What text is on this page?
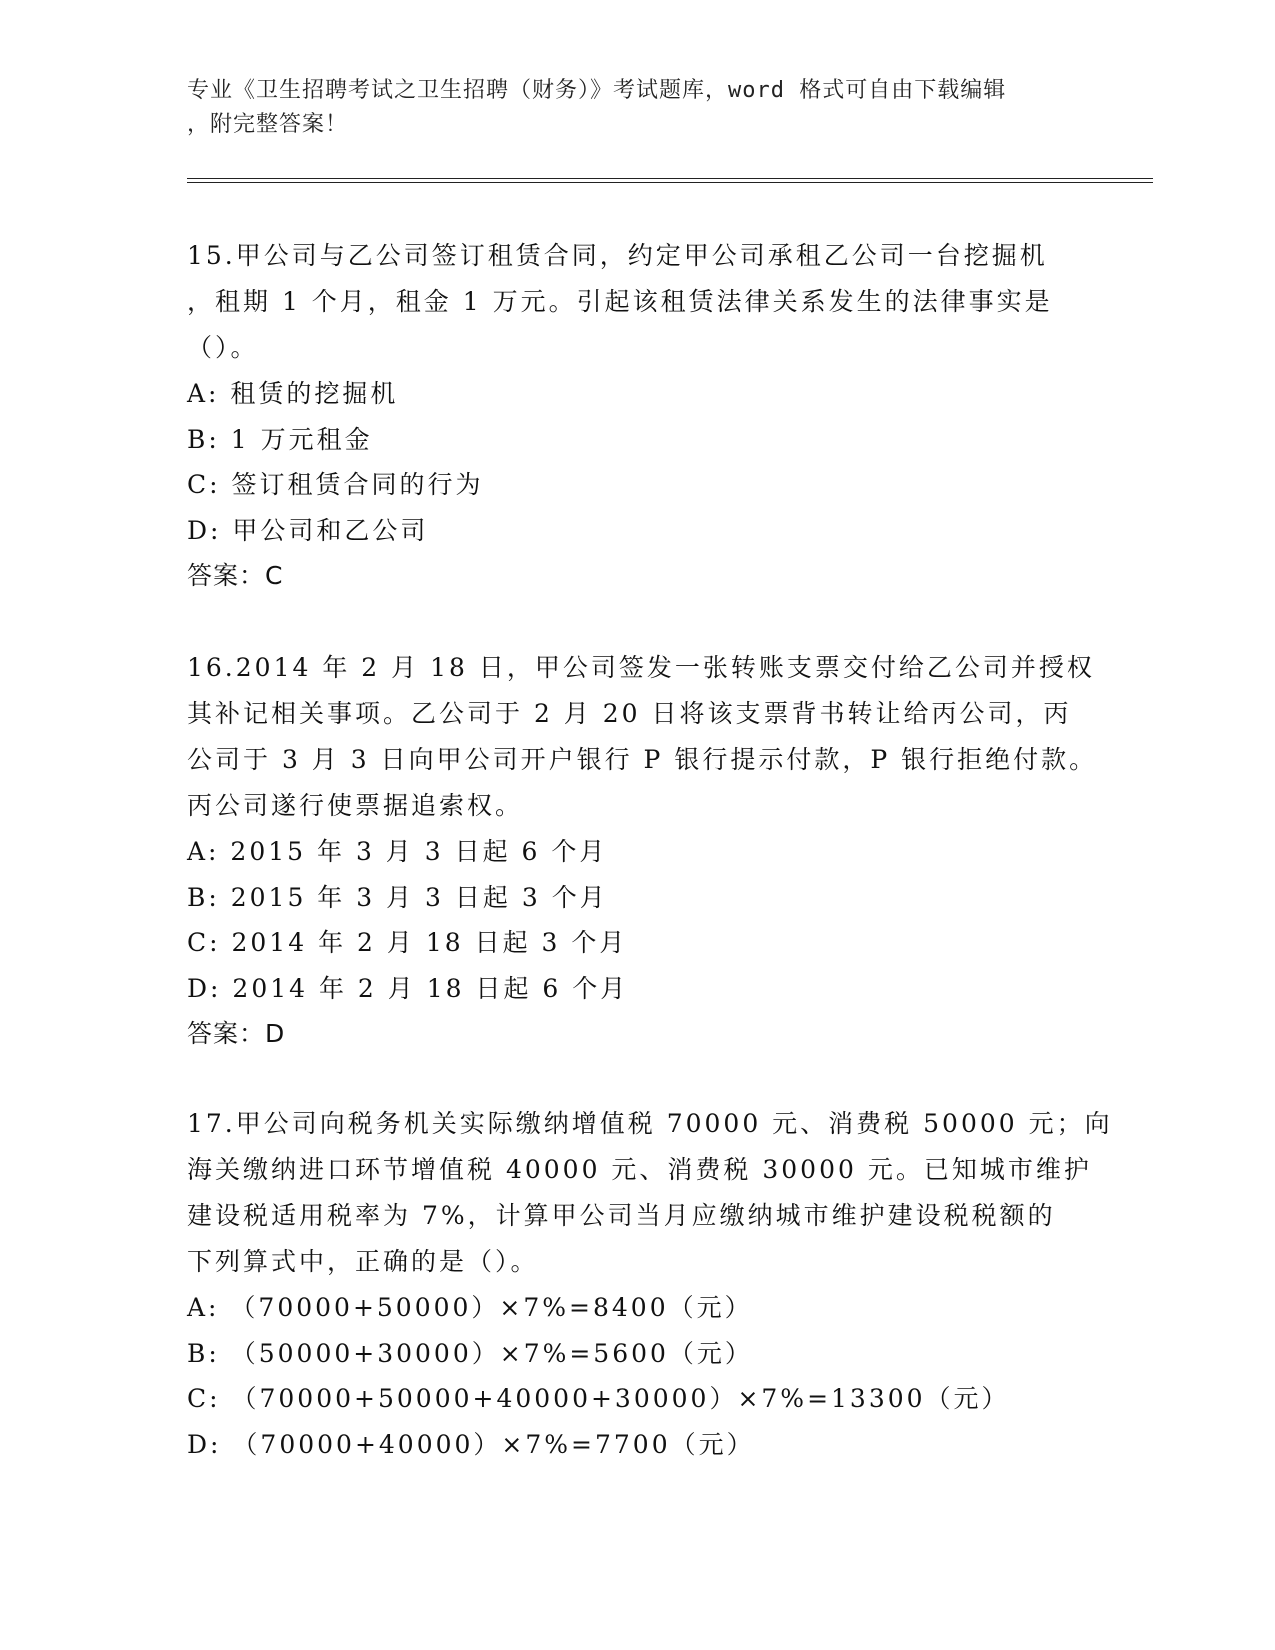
专业《卫生招聘考试之卫生招聘（财务）》考试题库，word 格式可自由下载编辑
，附完整答案！
15.甲公司与乙公司签订租赁合同，约定甲公司承租乙公司一台挖掘机
，租期 1 个月，租金 1 万元。引起该租赁法律关系发生的法律事实是
（）。
A: 租赁的挖掘机
B: 1 万元租金
C: 签订租赁合同的行为
D: 甲公司和乙公司
答案：C
16.2014 年 2 月 18 日，甲公司签发一张转账支票交付给乙公司并授权
其补记相关事项。乙公司于 2 月 20 日将该支票背书转让给丙公司，丙
公司于 3 月 3 日向甲公司开户银行 P 银行提示付款，P 银行拒绝付款。
丙公司遂行使票据追索权。
A: 2015 年 3 月 3 日起 6 个月
B: 2015 年 3 月 3 日起 3 个月
C: 2014 年 2 月 18 日起 3 个月
D: 2014 年 2 月 18 日起 6 个月
答案：D
17.甲公司向税务机关实际缴纳增值税 70000 元、消费税 50000 元；向
海关缴纳进口环节增值税 40000 元、消费税 30000 元。已知城市维护
建设税适用税率为 7%，计算甲公司当月应缴纳城市维护建设税税额的
下列算式中，正确的是（）。
A: （70000+50000）×7%=8400（元）
B: （50000+30000）×7%=5600（元）
C: （70000+50000+40000+30000）×7%=13300（元）
D: （70000+40000）×7%=7700（元）
